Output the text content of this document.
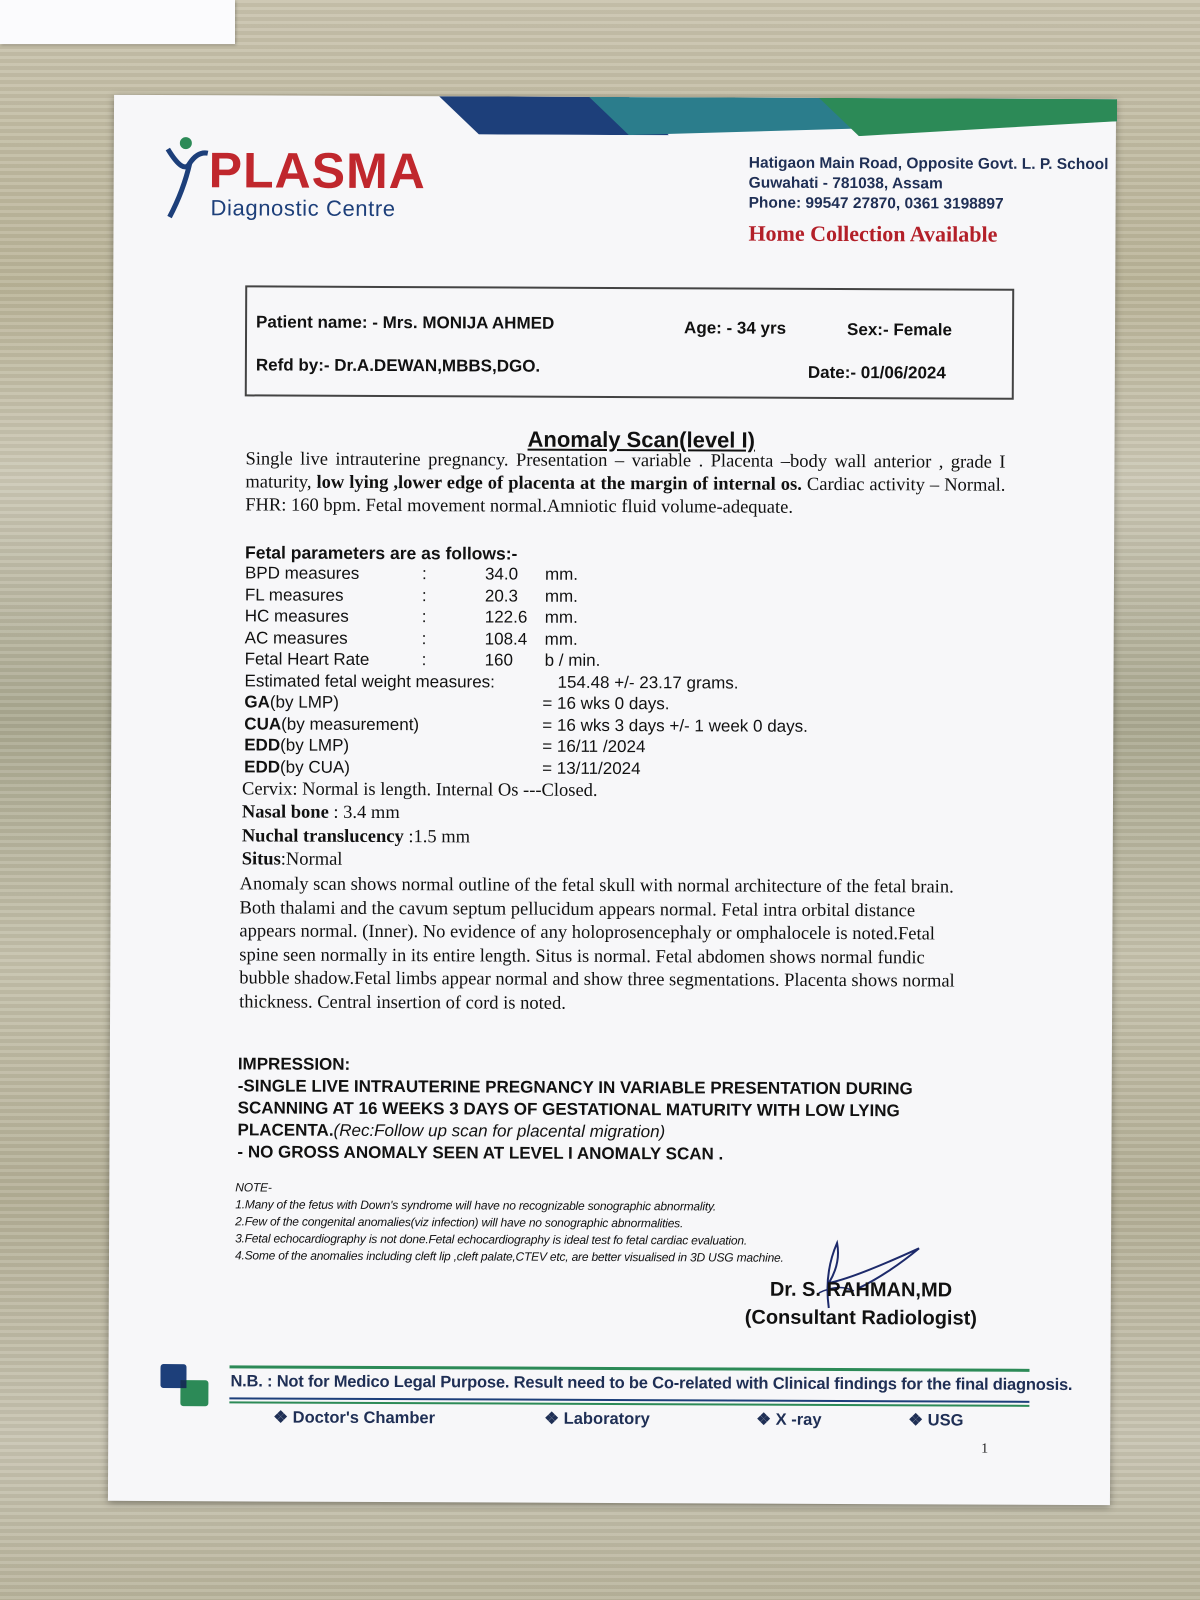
PLASMA
Diagnostic Centre
Hatigaon Main Road, Opposite Govt. L. P. School
Guwahati - 781038, Assam
Phone: 99547 27870, 0361 3198897
Home Collection Available
Patient name: - Mrs. MONIJA AHMED	Age: - 34 yrs	Sex:- Female
Refd by:- Dr.A.DEWAN,MBBS,DGO.	Date:- 01/06/2024
Anomaly Scan(level I)
Single live intrauterine pregnancy. Presentation – variable . Placenta –body wall anterior , grade I maturity, low lying ,lower edge of placenta at the margin of internal os. Cardiac activity – Normal. FHR: 160 bpm. Fetal movement normal.Amniotic fluid volume-adequate.
Fetal parameters are as follows:-
BPD measures	:	34.0 mm.
FL measures	:	20.3 mm.
HC measures	:	122.6 mm.
AC measures	:	108.4 mm.
Fetal Heart Rate	:	160 b / min.
Estimated fetal weight measures:	154.48 +/- 23.17 grams.
GA (by LMP)	= 16 wks 0 days.
CUA (by measurement)	= 16 wks 3 days +/- 1 week 0 days.
EDD (by LMP)	= 16/11 /2024
EDD (by CUA)	= 13/11/2024
Cervix: Normal is length. Internal Os ---Closed.
Nasal bone : 3.4 mm
Nuchal translucency :1.5 mm
Situs:Normal
Anomaly scan shows normal outline of the fetal skull with normal architecture of the fetal brain. Both thalami and the cavum septum pellucidum appears normal. Fetal intra orbital distance appears normal. (Inner). No evidence of any holoprosencephaly or omphalocele is noted.Fetal spine seen normally in its entire length. Situs is normal. Fetal abdomen shows normal fundic bubble shadow.Fetal limbs appear normal and show three segmentations. Placenta shows normal thickness. Central insertion of cord is noted.
IMPRESSION:
-SINGLE LIVE INTRAUTERINE PREGNANCY IN VARIABLE PRESENTATION DURING SCANNING AT 16 WEEKS 3 DAYS OF GESTATIONAL MATURITY WITH LOW LYING PLACENTA.(Rec:Follow up scan for placental migration)
- NO GROSS ANOMALY SEEN AT LEVEL I ANOMALY SCAN .
NOTE-
1.Many of the fetus with Down's syndrome will have no recognizable sonographic abnormality.
2.Few of the congenital anomalies(viz infection) will have no sonographic abnormalities.
3.Fetal echocardiography is not done.Fetal echocardiography is ideal test fo fetal cardiac evaluation.
4.Some of the anomalies including cleft lip ,cleft palate,CTEV etc, are better visualised in 3D USG machine.
Dr. S. RAHMAN,MD
(Consultant Radiologist)
N.B. : Not for Medico Legal Purpose. Result need to be Co-related with Clinical findings for the final diagnosis.
❖ Doctor's Chamber	❖ Laboratory	❖ X -ray	❖ USG
1
